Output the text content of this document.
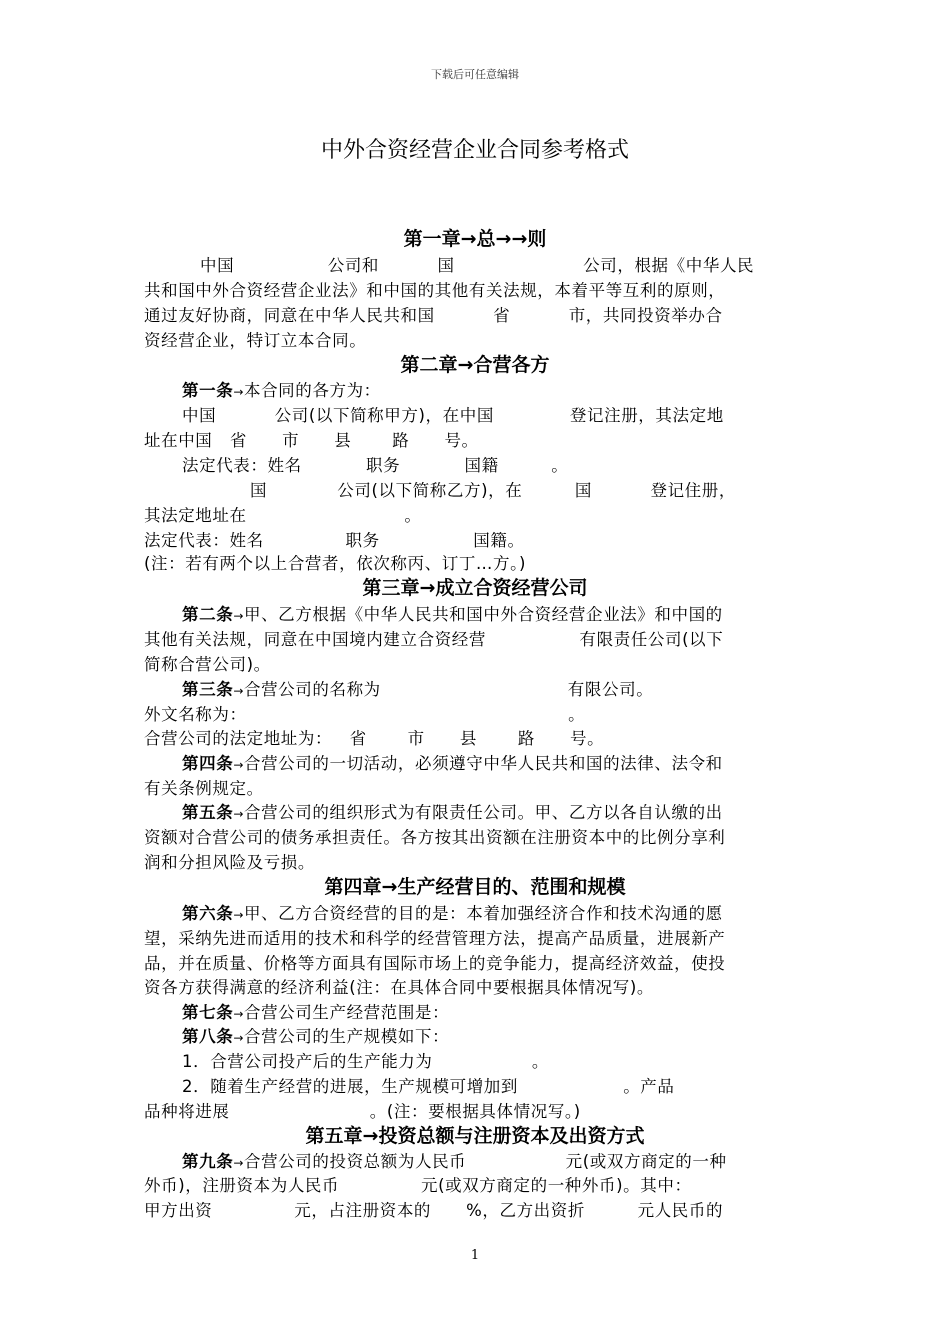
下载后可任意编辑
中外合资经营企业合同参考格式
第一章→总→→则
中国                公司和          国                      公司，根据《中华人民
共和国中外合资经营企业法》和中国的其他有关法规，本着平等互利的原则，
通过友好协商，同意在中华人民共和国          省          市，共同投资举办合
资经营企业，特订立本合同。
第二章→合营各方
第一条→本合同的各方为：
中国          公司(以下简称甲方)，在中国             登记注册，其法定地
址在中国   省      市      县       路      号。
法定代表：姓名           职务           国籍         。
国            公司(以下简称乙方)，在         国          登记住册，
其法定地址在                           。
法定代表：姓名              职务                国籍。
(注：若有两个以上合营者，依次称丙、订丁…方。)
第三章→成立合资经营公司
第二条→甲、乙方根据《中华人民共和国中外合资经营企业法》和中国的
其他有关法规，同意在中国境内建立合资经营                有限责任公司(以下
简称合营公司)。
第三条→合营公司的名称为                                有限公司。
外文名称为：                                                       。
合营公司的法定地址为：   省       市      县       路      号。
第四条→合营公司的一切活动，必须遵守中华人民共和国的法律、法令和
有关条例规定。
第五条→合营公司的组织形式为有限责任公司。甲、乙方以各自认缴的出
资额对合营公司的债务承担责任。各方按其出资额在注册资本中的比例分享利
润和分担风险及亏损。
第四章→生产经营目的、范围和规模
第六条→甲、乙方合资经营的目的是：本着加强经济合作和技术沟通的愿
望，采纳先进而适用的技术和科学的经营管理方法，提高产品质量，进展新产
品，并在质量、价格等方面具有国际市场上的竞争能力，提高经济效益，使投
资各方获得满意的经济利益(注：在具体合同中要根据具体情况写)。
第七条→合营公司生产经营范围是：
第八条→合营公司的生产规模如下：
1．合营公司投产后的生产能力为                 。
2．随着生产经营的进展，生产规模可增加到                  。产品
品种将进展                        。(注：要根据具体情况写。)
第五章→投资总额与注册资本及出资方式
第九条→合营公司的投资总额为人民币                 元(或双方商定的一种
外币)，注册资本为人民币              元(或双方商定的一种外币)。其中：
甲方出资              元，占注册资本的      %，乙方出资折         元人民币的
1
